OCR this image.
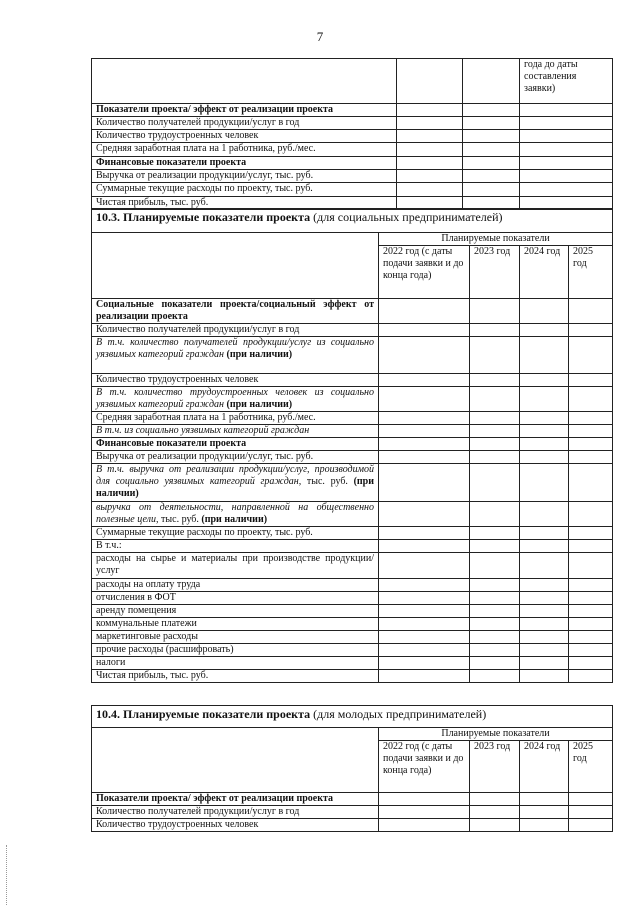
7
			года до даты составления заявки)
Показатели проекта/ эффект от реализации проекта			
Количество получателей продукции/услуг в год			
Количество трудоустроенных человек			
Средняя заработная плата на 1 работника, руб./мес.			
Финансовые показатели проекта			
Выручка от реализации продукции/услуг, тыс. руб.			
Суммарные текущие расходы по проекту, тыс. руб.			
Чистая прибыль, тыс. руб.			
10.3. Планируемые показатели проекта (для социальных предпринимателей)				
	Планируемые показатели			
	2022 год (с даты подачи заявки и до конца года)	2023 год	2024 год	2025 год
Социальные показатели проекта/социальный эффект от реализации проекта				
Количество получателей продукции/услуг в год				
В т.ч. количество получателей продукции/услуг из социально уязвимых категорий граждан (при наличии)				
Количество трудоустроенных человек				
В т.ч. количество трудоустроенных человек из социально уязвимых категорий граждан (при наличии)				
Средняя заработная плата на 1 работника, руб./мес.				
В т.ч. из социально уязвимых категорий граждан				
Финансовые показатели проекта				
Выручка от реализации продукции/услуг, тыс. руб.				
В т.ч. выручка от реализации продукции/услуг, производимой для социально уязвимых категорий граждан, тыс. руб. (при наличии)				
выручка от деятельности, направленной на общественно полезные цели, тыс. руб. (при наличии)				
Суммарные текущие расходы по проекту, тыс. руб.				
В т.ч.:				
расходы на сырье и материалы при производстве продукции/услуг				
расходы на оплату труда				
отчисления в ФОТ				
аренду помещения				
коммунальные платежи				
маркетинговые расходы				
прочие расходы (расшифровать)				
налоги				
Чистая прибыль, тыс. руб.				
10.4. Планируемые показатели проекта (для молодых предпринимателей)				
	Планируемые показатели			
	2022 год (с даты подачи заявки и до конца года)	2023 год	2024 год	2025 год
Показатели проекта/ эффект от реализации проекта				
Количество получателей продукции/услуг в год				
Количество трудоустроенных человек				
